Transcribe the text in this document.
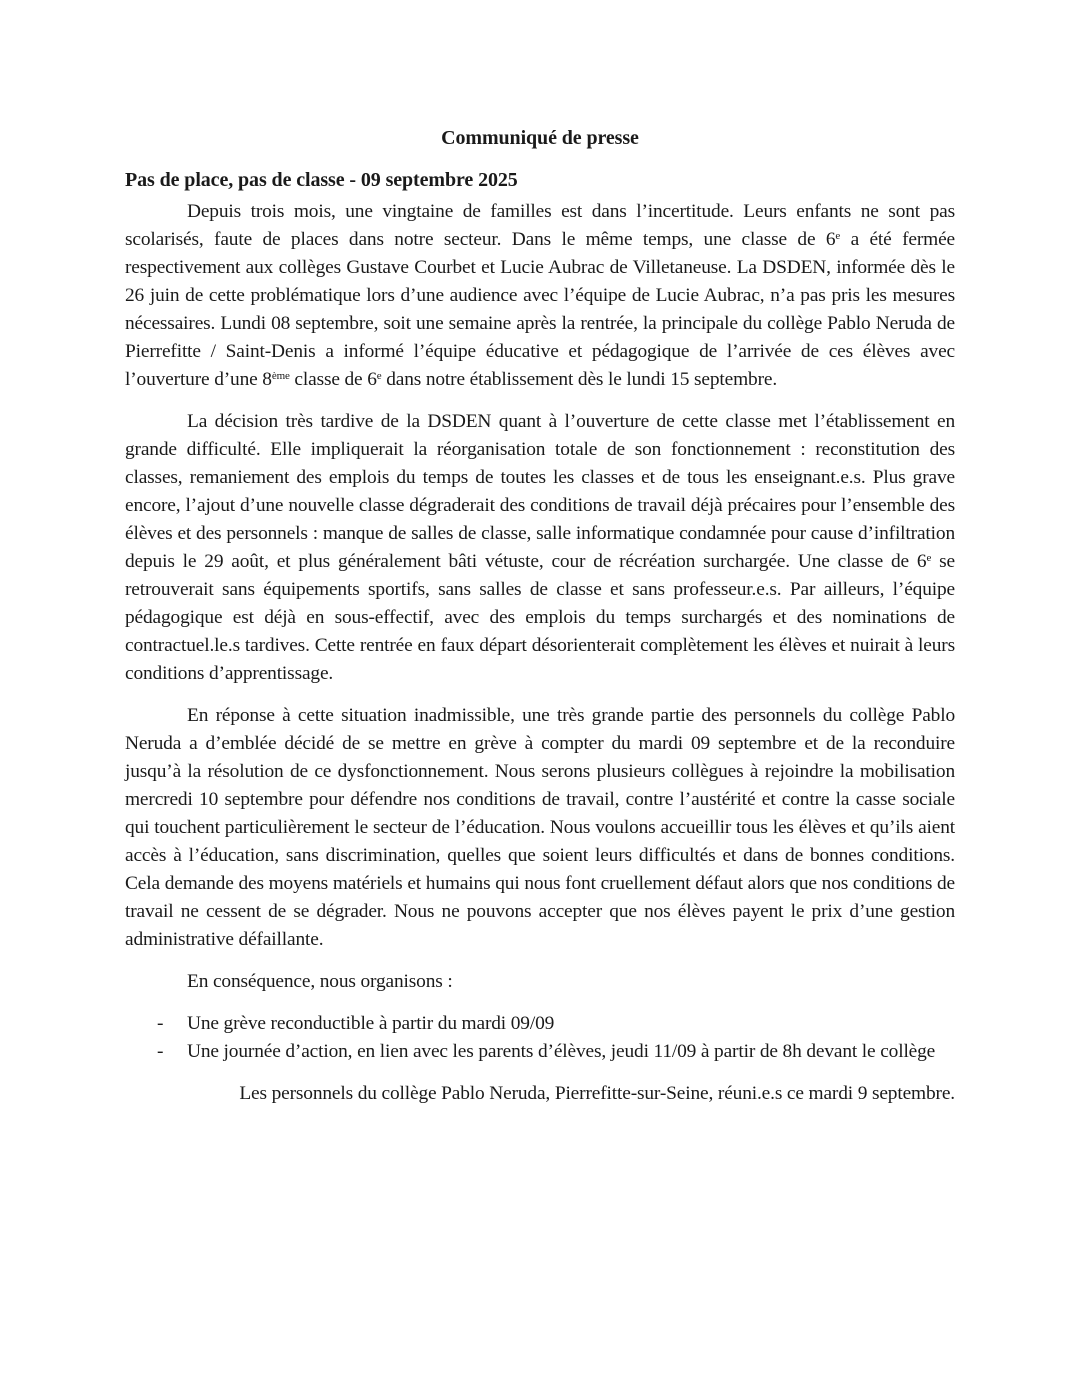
Communiqué de presse
Pas de place, pas de classe - 09 septembre 2025

Depuis trois mois, une vingtaine de familles est dans l’incertitude. Leurs enfants ne sont pas scolarisés, faute de places dans notre secteur. Dans le même temps, une classe de 6e a été fermée respectivement aux collèges Gustave Courbet et Lucie Aubrac de Villetaneuse. La DSDEN, informée dès le 26 juin de cette problématique lors d’une audience avec l’équipe de Lucie Aubrac, n’a pas pris les mesures nécessaires. Lundi 08 septembre, soit une semaine après la rentrée, la principale du collège Pablo Neruda de Pierrefitte / Saint-Denis a informé l’équipe éducative et pédagogique de l’arrivée de ces élèves avec l’ouverture d’une 8ème classe de 6e dans notre établissement dès le lundi 15 septembre.

La décision très tardive de la DSDEN quant à l’ouverture de cette classe met l’établissement en grande difficulté. Elle impliquerait la réorganisation totale de son fonctionnement : reconstitution des classes, remaniement des emplois du temps de toutes les classes et de tous les enseignant.e.s. Plus grave encore, l’ajout d’une nouvelle classe dégraderait des conditions de travail déjà précaires pour l’ensemble des élèves et des personnels : manque de salles de classe, salle informatique condamnée pour cause d’infiltration depuis le 29 août, et plus généralement bâti vétuste, cour de récréation surchargée. Une classe de 6e se retrouverait sans équipements sportifs, sans salles de classe et sans professeur.e.s. Par ailleurs, l’équipe pédagogique est déjà en sous-effectif, avec des emplois du temps surchargés et des nominations de contractuel.le.s tardives. Cette rentrée en faux départ désorienterait complètement les élèves et nuirait à leurs conditions d’apprentissage.

En réponse à cette situation inadmissible, une très grande partie des personnels du collège Pablo Neruda a d’emblée décidé de se mettre en grève à compter du mardi 09 septembre et de la reconduire jusqu’à la résolution de ce dysfonctionnement. Nous serons plusieurs collègues à rejoindre la mobilisation mercredi 10 septembre pour défendre nos conditions de travail, contre l’austérité et contre la casse sociale qui touchent particulièrement le secteur de l’éducation. Nous voulons accueillir tous les élèves et qu’ils aient accès à l’éducation, sans discrimination, quelles que soient leurs difficultés et dans de bonnes conditions. Cela demande des moyens matériels et humains qui nous font cruellement défaut alors que nos conditions de travail ne cessent de se dégrader. Nous ne pouvons accepter que nos élèves payent le prix d’une gestion administrative défaillante.

En conséquence, nous organisons :

- Une grève reconductible à partir du mardi 09/09
- Une journée d’action, en lien avec les parents d’élèves, jeudi 11/09 à partir de 8h devant le collège

Les personnels du collège Pablo Neruda, Pierrefitte-sur-Seine, réuni.e.s ce mardi 9 septembre.
